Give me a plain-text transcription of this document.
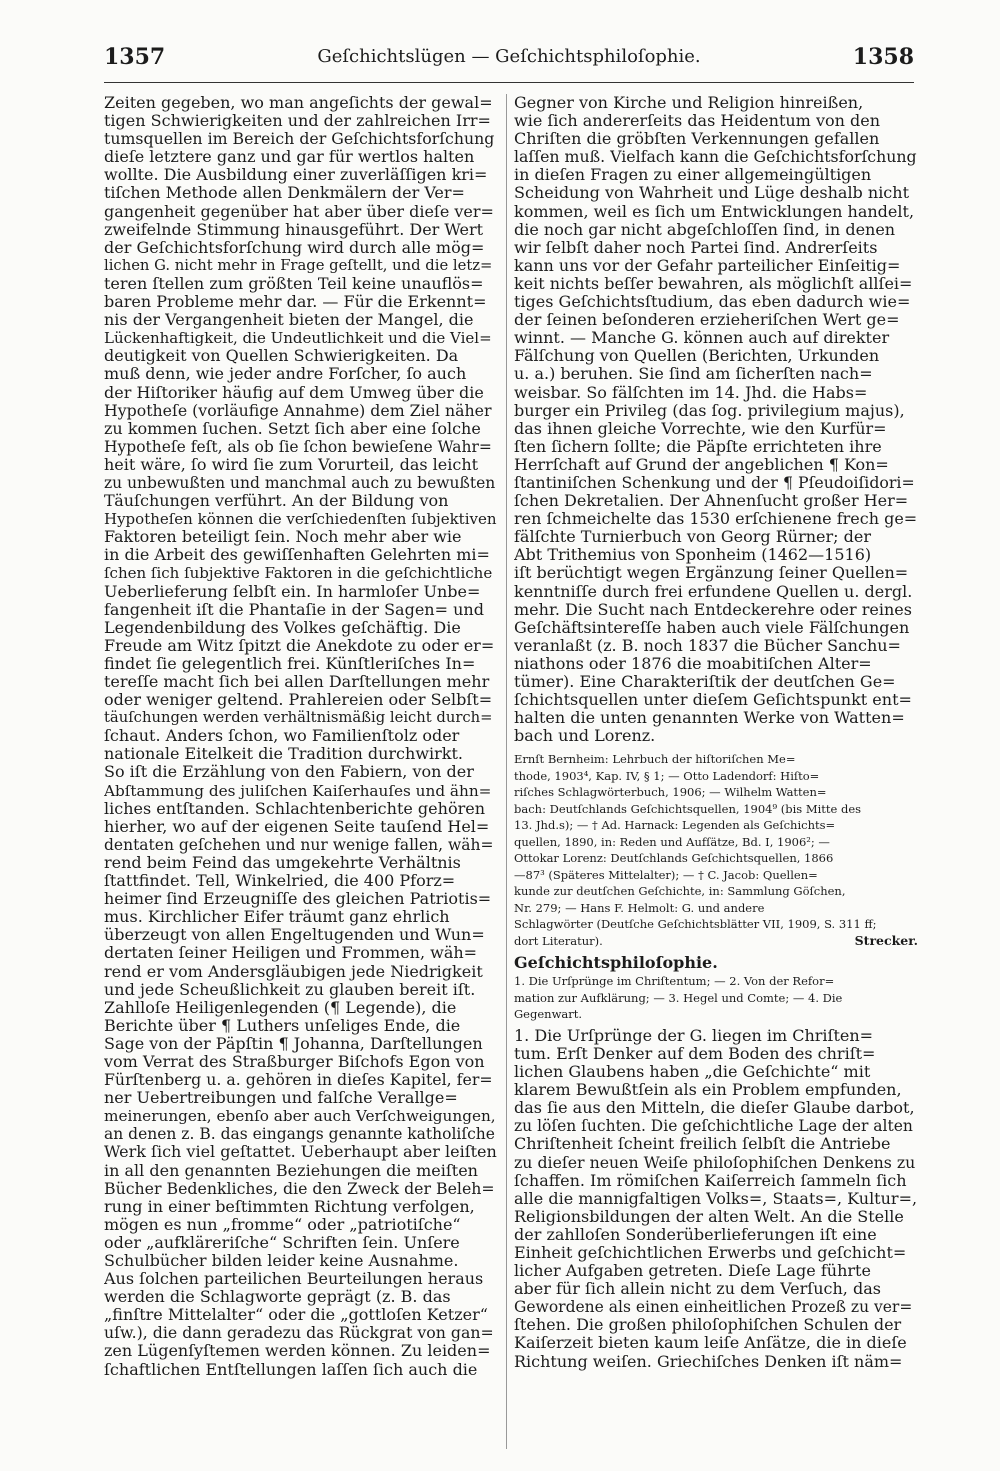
1357	Geſchichtslügen — Geſchichtsphiloſophie.	1358
Zeiten gegeben, wo man angeſichts der gewal=
tigen Schwierigkeiten und der zahlreichen Irr=
tumsquellen im Bereich der Geſchichtsforſchung
dieſe letztere ganz und gar für wertlos halten
wollte. Die Ausbildung einer zuverläſſigen kri=
tiſchen Methode allen Denkmälern der Ver=
gangenheit gegenüber hat aber über dieſe ver=
zweifelnde Stimmung hinausgeführt. Der Wert
der Geſchichtsforſchung wird durch alle mög=
lichen G. nicht mehr in Frage geſtellt, und die letz=
teren ſtellen zum größten Teil keine unauflös=
baren Probleme mehr dar. — Für die Erkennt=
nis der Vergangenheit bieten der Mangel, die
Lückenhaftigkeit, die Undeutlichkeit und die Viel=
deutigkeit von Quellen Schwierigkeiten. Da
muß denn, wie jeder andre Forſcher, ſo auch
der Hiſtoriker häufig auf dem Umweg über die
Hypotheſe (vorläufige Annahme) dem Ziel näher
zu kommen ſuchen. Setzt ſich aber eine ſolche
Hypotheſe feſt, als ob ſie ſchon bewieſene Wahr=
heit wäre, ſo wird ſie zum Vorurteil, das leicht
zu unbewußten und manchmal auch zu bewußten
Täuſchungen verführt. An der Bildung von
Hypotheſen können die verſchiedenſten ſubjektiven
Faktoren beteiligt ſein. Noch mehr aber wie
in die Arbeit des gewiſſenhaften Gelehrten mi=
ſchen ſich ſubjektive Faktoren in die geſchichtliche
Ueberlieferung ſelbſt ein. In harmloſer Unbe=
fangenheit iſt die Phantaſie in der Sagen= und
Legendenbildung des Volkes geſchäftig. Die
Freude am Witz ſpitzt die Anekdote zu oder er=
findet ſie gelegentlich frei. Künſtleriſches In=
tereſſe macht ſich bei allen Darſtellungen mehr
oder weniger geltend. Prahlereien oder Selbſt=
täuſchungen werden verhältnismäßig leicht durch=
ſchaut. Anders ſchon, wo Familienſtolz oder
nationale Eitelkeit die Tradition durchwirkt.
So iſt die Erzählung von den Fabiern, von der
Abſtammung des juliſchen Kaiſerhauſes und ähn=
liches entſtanden. Schlachtenberichte gehören
hierher, wo auf der eigenen Seite tauſend Hel=
dentaten geſchehen und nur wenige fallen, wäh=
rend beim Feind das umgekehrte Verhältnis
ſtattfindet. Tell, Winkelried, die 400 Pforz=
heimer ſind Erzeugniſſe des gleichen Patriotis=
mus. Kirchlicher Eifer träumt ganz ehrlich
überzeugt von allen Engeltugenden und Wun=
dertaten ſeiner Heiligen und Frommen, wäh=
rend er vom Andersgläubigen jede Niedrigkeit
und jede Scheußlichkeit zu glauben bereit iſt.
Zahlloſe Heiligenlegenden (¶ Legende), die
Berichte über ¶ Luthers unſeliges Ende, die
Sage von der Päpſtin ¶ Johanna, Darſtellungen
vom Verrat des Straßburger Biſchofs Egon von
Fürſtenberg u. a. gehören in dieſes Kapitel, fer=
ner Uebertreibungen und falſche Verallge=
meinerungen, ebenſo aber auch Verſchweigungen,
an denen z. B. das eingangs genannte katholiſche
Werk ſich viel geſtattet. Ueberhaupt aber leiſten
in all den genannten Beziehungen die meiſten
Bücher Bedenkliches, die den Zweck der Beleh=
rung in einer beſtimmten Richtung verfolgen,
mögen es nun „fromme“ oder „patriotiſche“
oder „aufkläreriſche“ Schriften ſein. Unſere
Schulbücher bilden leider keine Ausnahme.
Aus ſolchen parteilichen Beurteilungen heraus
werden die Schlagworte geprägt (z. B. das
„finſtre Mittelalter“ oder die „gottloſen Ketzer“
uſw.), die dann geradezu das Rückgrat von gan=
zen Lügenſyſtemen werden können. Zu leiden=
ſchaftlichen Entſtellungen laſſen ſich auch die
Gegner von Kirche und Religion hinreißen,
wie ſich andererſeits das Heidentum von den
Chriſten die gröbſten Verkennungen gefallen
laſſen muß. Vielfach kann die Geſchichtsforſchung
in dieſen Fragen zu einer allgemeingültigen
Scheidung von Wahrheit und Lüge deshalb nicht
kommen, weil es ſich um Entwicklungen handelt,
die noch gar nicht abgeſchloſſen ſind, in denen
wir ſelbſt daher noch Partei ſind. Andrerſeits
kann uns vor der Gefahr parteilicher Einſeitig=
keit nichts beſſer bewahren, als möglichſt allſei=
tiges Geſchichtsſtudium, das eben dadurch wie=
der ſeinen beſonderen erzieheriſchen Wert ge=
winnt. — Manche G. können auch auf direkter
Fälſchung von Quellen (Berichten, Urkunden
u. a.) beruhen. Sie ſind am ſicherſten nach=
weisbar. So fälſchten im 14. Jhd. die Habs=
burger ein Privileg (das ſog. privilegium majus),
das ihnen gleiche Vorrechte, wie den Kurfür=
ſten ſichern ſollte; die Päpſte errichteten ihre
Herrſchaft auf Grund der angeblichen ¶ Kon=
ſtantiniſchen Schenkung und der ¶ Pſeudoiſidori=
ſchen Dekretalien. Der Ahnenſucht großer Her=
ren ſchmeichelte das 1530 erſchienene frech ge=
fälſchte Turnierbuch von Georg Rürner; der
Abt Trithemius von Sponheim (1462—1516)
iſt berüchtigt wegen Ergänzung ſeiner Quellen=
kenntniſſe durch frei erfundene Quellen u. dergl.
mehr. Die Sucht nach Entdeckerehre oder reines
Geſchäftsintereſſe haben auch viele Fälſchungen
veranlaßt (z. B. noch 1837 die Bücher Sanchu=
niathons oder 1876 die moabitiſchen Alter=
tümer). Eine Charakteriſtik der deutſchen Ge=
ſchichtsquellen unter dieſem Geſichtspunkt ent=
halten die unten genannten Werke von Watten=
bach und Lorenz.
Ernſt Bernheim: Lehrbuch der hiſtoriſchen Me=
thode, 1903⁴, Kap. IV, § 1; — Otto Ladendorf: Hiſto=
riſches Schlagwörterbuch, 1906; — Wilhelm Watten=
bach: Deutſchlands Geſchichtsquellen, 1904⁹ (bis Mitte des
13. Jhd.s); — † Ad. Harnack: Legenden als Geſchichts=
quellen, 1890, in: Reden und Aufſätze, Bd. I, 1906²; —
Ottokar Lorenz: Deutſchlands Geſchichtsquellen, 1866
—87³ (Späteres Mittelalter); — † C. Jacob: Quellen=
kunde zur deutſchen Geſchichte, in: Sammlung Göſchen,
Nr. 279; — Hans F. Helmolt: G. und andere
Schlagwörter (Deutſche Geſchichtsblätter VII, 1909, S. 311 ff;
dort Literatur).	Strecker.
Geſchichtsphiloſophie.
1. Die Urſprünge im Chriſtentum; — 2. Von der Refor=
mation zur Aufklärung; — 3. Hegel und Comte; — 4. Die
Gegenwart.
1. Die Urſprünge der G. liegen im Chriſten=
tum. Erſt Denker auf dem Boden des chriſt=
lichen Glaubens haben „die Geſchichte“ mit
klarem Bewußtſein als ein Problem empfunden,
das ſie aus den Mitteln, die dieſer Glaube darbot,
zu löſen ſuchten. Die geſchichtliche Lage der alten
Chriſtenheit ſcheint freilich ſelbſt die Antriebe
zu dieſer neuen Weiſe philoſophiſchen Denkens zu
ſchaffen. Im römiſchen Kaiſerreich ſammeln ſich
alle die mannigfaltigen Volks=, Staats=, Kultur=,
Religionsbildungen der alten Welt. An die Stelle
der zahlloſen Sonderüberlieferungen iſt eine
Einheit geſchichtlichen Erwerbs und geſchicht=
licher Aufgaben getreten. Dieſe Lage führte
aber für ſich allein nicht zu dem Verſuch, das
Gewordene als einen einheitlichen Prozeß zu ver=
ſtehen. Die großen philoſophiſchen Schulen der
Kaiſerzeit bieten kaum leiſe Anſätze, die in dieſe
Richtung weiſen. Griechiſches Denken iſt näm=
